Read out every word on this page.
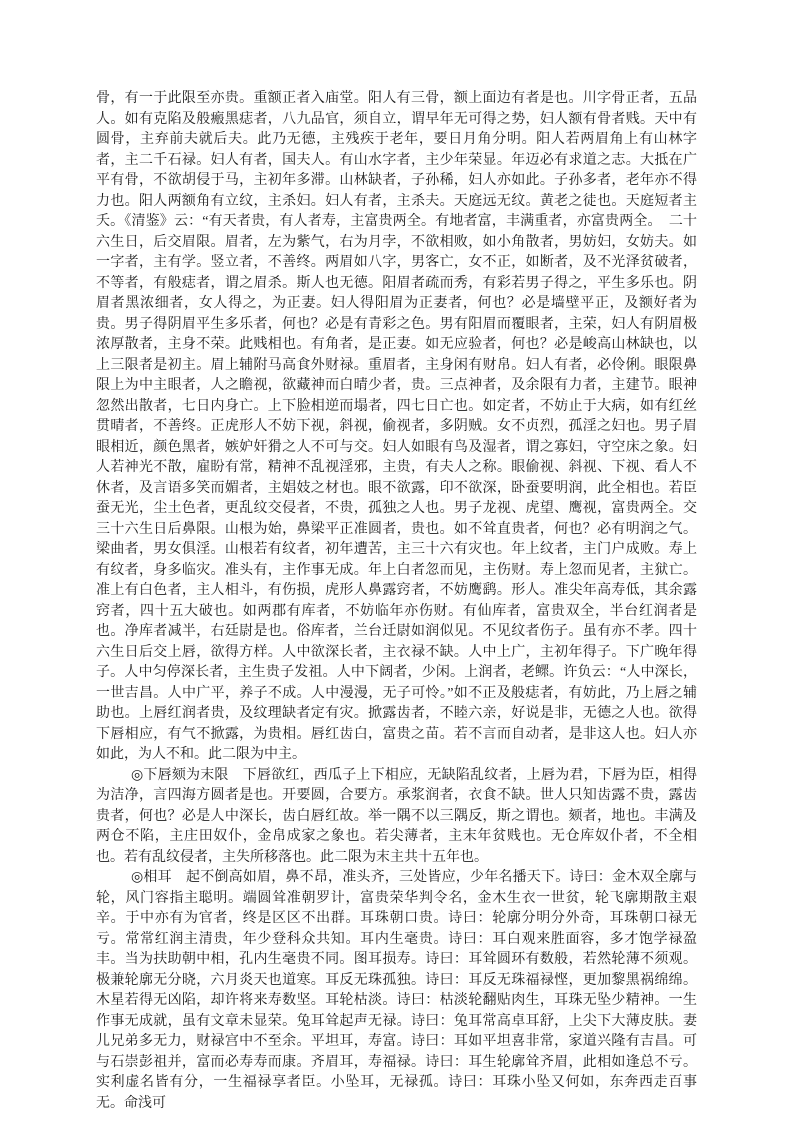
骨，有一于此限至亦贵。重额正者入庙堂。阳人有三骨，额上面边有者是也。川字骨正者，五品人。如有克陷及般瘢黑痣者，八九品官，须自立，谓早年无可得之势，妇人额有骨者贱。天中有圆骨，主弃前夫就后夫。此乃无德，主残疾于老年，要日月角分明。阳人若两眉角上有山林字者，主二千石禄。妇人有者，国夫人。有山水字者，主少年荣显。年迈必有求道之志。大抵在广平有骨，不欲胡侵于马，主初年多滞。山林缺者，子孙稀，妇人亦如此。子孙多者，老年亦不得力也。阳人两额角有立纹，主杀妇。妇人有者，主杀夫。天庭远无纹。黄老之徒也。天庭短者主夭。《清鉴》云：“有天者贵，有人者寿，主富贵两全。有地者富，丰满重者，亦富贵两全。　二十六生日，后交眉限。眉者，左为紫气，右为月孛，不欲相败，如小角散者，男妨妇，女妨夫。如一字者，主有学。竖立者，不善终。两眉如八字，男客亡，女不正，如断者，及不光泽贫破者，不等者，有般痣者，谓之眉杀。斯人也无德。阳眉者疏而秀，有彩若男子得之，平生多乐也。阴眉者黑浓细者，女人得之，为正妻。妇人得阳眉为正妻者，何也？必是墙壁平正，及额好者为贵。男子得阴眉平生多乐者，何也？必是有青彩之色。男有阳眉而覆眼者，主荣，妇人有阴眉极浓厚散者，主身不荣。此贱相也。有角者，是正妻。如无应验者，何也？必是峻高山林缺也，以上三限者是初主。眉上辅附马高食外财禄。重眉者，主身闲有财帛。妇人有者，必伶俐。眼限鼻限上为中主眼者，人之瞻视，欲藏神而白晴少者，贵。三点神者，及余限有力者，主建节。眼神忽然出散者，七日内身亡。上下脸相逆而塌者，四七日亡也。如定者，不妨止于大病，如有红丝贯晴者，不善终。正虎形人不妨下视，斜视，偷视者，多阴贼。女不贞烈，孤淫之妇也。男子眉眼相近，颜色黑者，嫉妒奸猾之人不可与交。妇人如眼有鸟及湿者，谓之寡妇，守空床之象。妇人若神光不散，雇盼有常，精神不乱视淫邪，主贵，有夫人之称。眼偷视、斜视、下视、看人不休者，及言语多笑而媚者，主娼妓之材也。眼不欲露，印不欲深，卧蚕要明润，此全相也。若臣蚕无光，尘土色者，更乱纹交侵者，不贵，孤独之人也。男子龙视、虎望、鹰视，富贵两全。交三十六生日后鼻限。山根为始，鼻梁平正准圆者，贵也。如不耸直贵者，何也？必有明润之气。梁曲者，男女俱淫。山根若有纹者，初年遭苦，主三十六有灾也。年上纹者，主门户成败。寿上有纹者，身多临灾。准头有，主作事无成。年上白者忽而见，主伤财。寿上忽而见者，主狱亡。准上有白色者，主人相斗，有伤损，虎形人鼻露窍者，不妨鹰鹞。形人。准尖年高寿低，其余露窍者，四十五大破也。如两郡有库者，不妨临年亦伤财。有仙库者，富贵双全，半台红润者是也。净库者减半，右廷尉是也。俗库者，兰台迁尉如润似见。不见纹者伤子。虽有亦不孝。四十六生日后交上唇，欲得方样。人中欲深长者，主衣禄不缺。人中上广，主初年得子。下广晚年得子。人中匀停深长者，主生贵子发祖。人中下阔者，少闲。上润者，老鳏。许负云：“人中深长，一世吉昌。人中广平，养子不成。人中漫漫，无子可怜。”如不正及般痣者，有妨此，乃上唇之辅助也。上唇红润者贵，及纹理缺者定有灾。掀露齿者，不睦六亲，好说是非，无德之人也。欲得下唇相应，有气不掀露，为贵相。唇红齿白，富贵之苗。若不言而自动者，是非这人也。妇人亦如此，为人不和。此二限为中主。

◎下唇颏为末限　下唇欲红，西瓜子上下相应，无缺陷乱纹者，上唇为君，下唇为臣，相得为洁净，言四海方圆者是也。开要圆，合要方。承浆润者，衣食不缺。世人只知齿露不贵，露齿贵者，何也？必是人中深长，齿白唇红故。举一隅不以三隅反，斯之谓也。颏者，地也。丰满及两仓不陷，主庄田奴仆，金帛成家之象也。若尖薄者，主末年贫贱也。无仓库奴仆者，不全相也。若有乱纹侵者，主失所移落也。此二限为末主共十五年也。

◎相耳　起不倒高如眉，鼻不昂，准头齐，三处皆应，少年名播天下。诗曰：金木双全廓与轮，风门容指主聪明。端圆耸准朝罗计，富贵荣华判令名，金木生衣一世贫，轮飞廓期散主艰辛。于中亦有为官者，终是区区不出群。耳珠朝口贵。诗曰：轮廓分明分外奇，耳珠朝口禄无亏。常常红润主清贵，年少登科众共知。耳内生毫贵。诗曰：耳白观来胜面容，多才饱学禄盈丰。当为扶助朝中相，孔内生毫贵不同。图耳损寿。诗曰：耳耸圆环有数般，若然轮薄不须观。极兼轮廓无分晓，六月炎天也道寒。耳反无珠孤独。诗曰：耳反无珠福禄悭，更加黎黑祸绵绵。木星若得无凶陷，却许将来寿数坚。耳轮枯淡。诗曰：枯淡轮翻贴肉生，耳珠无坠少精神。一生作事无成就，虽有文章未显荣。兔耳耸起声无禄。诗曰：兔耳常高卓耳舒，上尖下大薄皮肤。妻儿兄弟多无力，财禄宫中不至余。平坦耳，寿富。诗曰：耳如平坦喜非常，家道兴隆有吉昌。可与石崇彭祖并，富而必寿寿而康。齐眉耳，寿福禄。诗曰：耳生轮廓耸齐眉，此相如逢总不亏。实利虚名皆有分，一生福禄享者臣。小坠耳，无禄孤。诗曰：耳珠小坠又何如，东奔西走百事无。命浅可
